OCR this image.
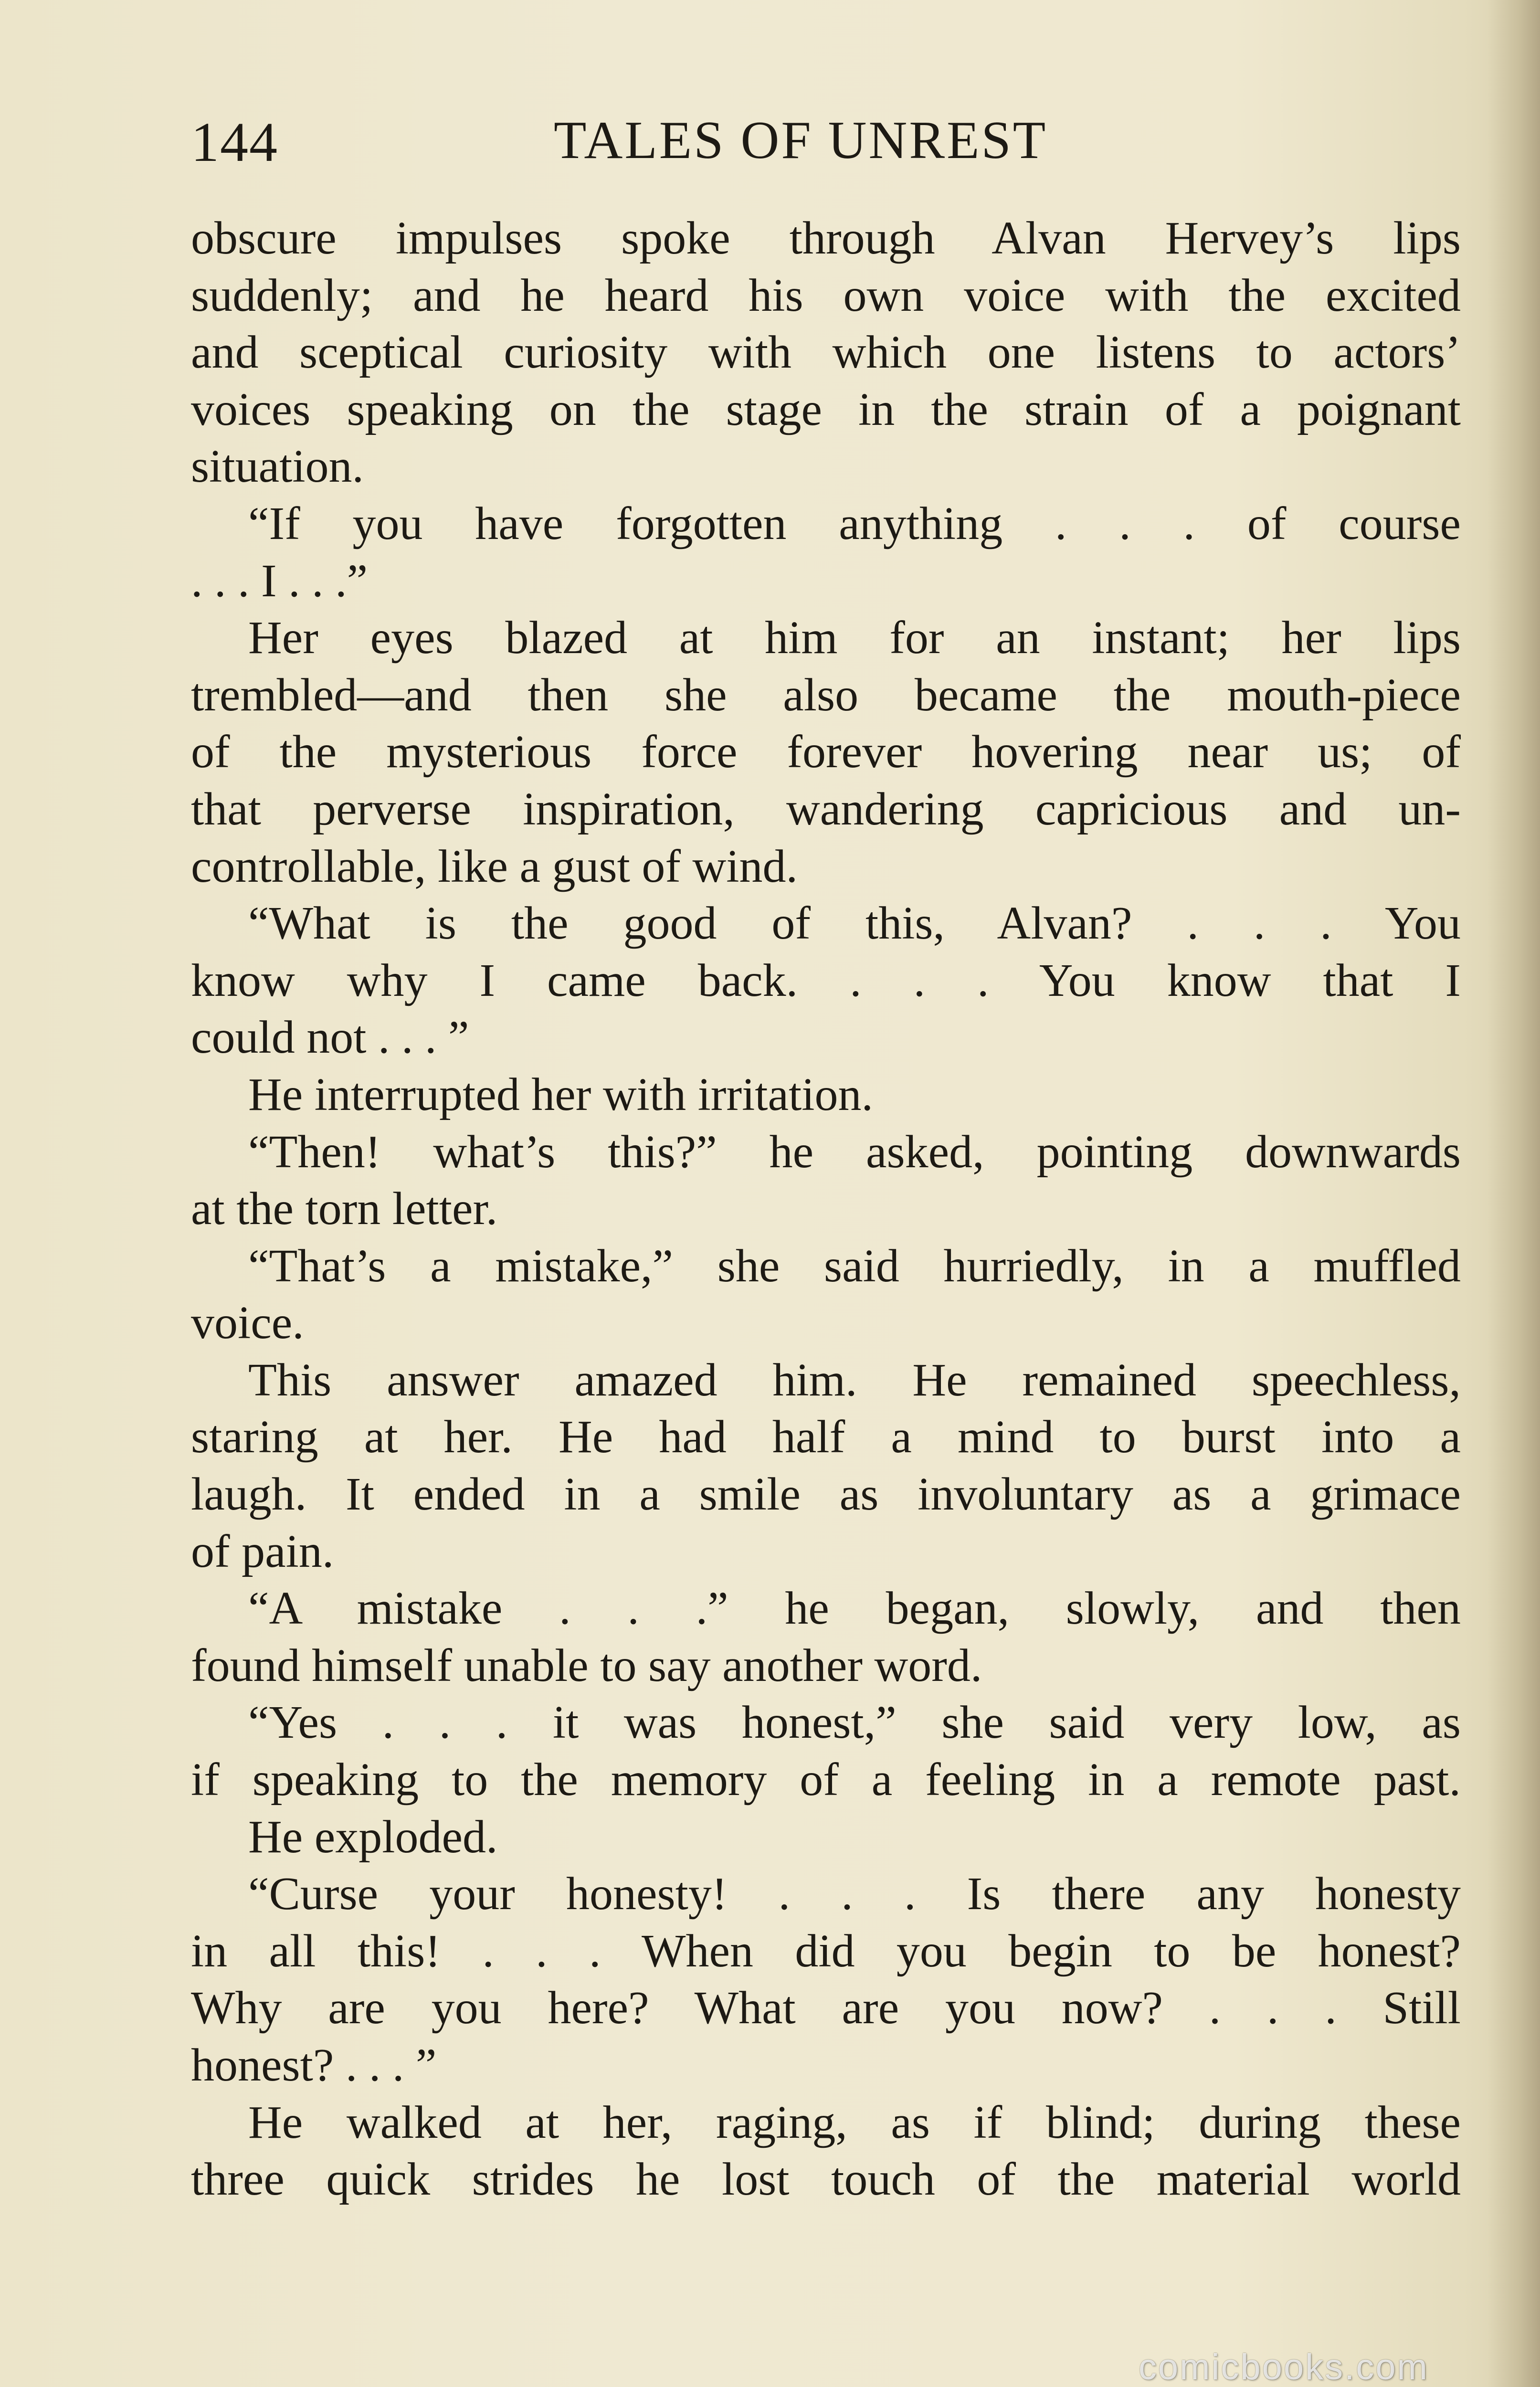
144	TALES OF UNREST
obscure impulses spoke through Alvan Hervey’s lips
suddenly; and he heard his own voice with the excited
and sceptical curiosity with which one listens to actors’
voices speaking on the stage in the strain of a poignant
situation.
“If you have forgotten anything . . . of course
. . . I . . .”
Her eyes blazed at him for an instant; her lips
trembled—and then she also became the mouth-piece
of the mysterious force forever hovering near us; of
that perverse inspiration, wandering capricious and un-
controllable, like a gust of wind.
“What is the good of this, Alvan? . . . You
know why I came back. . . . You know that I
could not . . . ”
He interrupted her with irritation.
“Then! what’s this?” he asked, pointing downwards
at the torn letter.
“That’s a mistake,” she said hurriedly, in a muffled
voice.
This answer amazed him. He remained speechless,
staring at her. He had half a mind to burst into a
laugh. It ended in a smile as involuntary as a grimace
of pain.
“A mistake . . .” he began, slowly, and then
found himself unable to say another word.
“Yes . . . it was honest,” she said very low, as
if speaking to the memory of a feeling in a remote past.
He exploded.
“Curse your honesty! . . . Is there any honesty
in all this! . . . When did you begin to be honest?
Why are you here? What are you now? . . . Still
honest? . . . ”
He walked at her, raging, as if blind; during these
three quick strides he lost touch of the material world
comicbooks.com
